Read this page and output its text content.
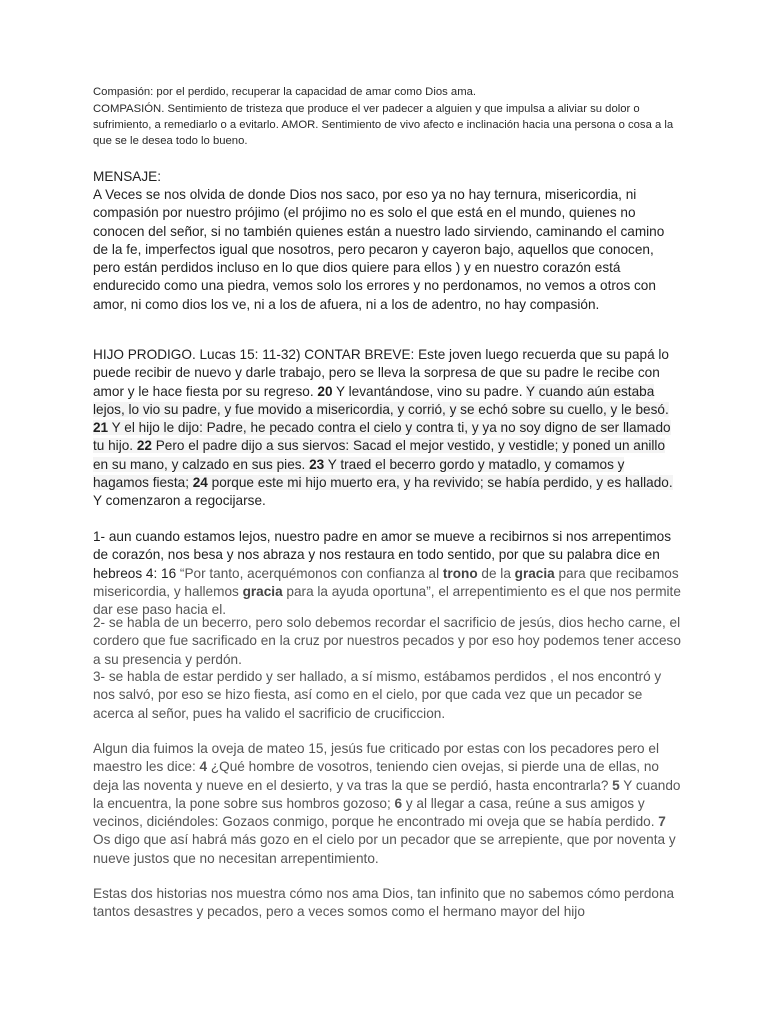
Compasión: por el perdido, recuperar la capacidad de amar como Dios ama.

COMPASIÓN. Sentimiento de tristeza que produce el ver padecer a alguien y que impulsa a aliviar su dolor o sufrimiento, a remediarlo o a evitarlo. AMOR. Sentimiento de vivo afecto e inclinación hacia una persona o cosa a la que se le desea todo lo bueno.

MENSAJE:

A Veces se nos olvida de donde Dios nos saco, por eso ya no hay ternura, misericordia, ni compasión por nuestro prójimo (el prójimo no es solo el que está en el mundo, quienes no conocen del señor, si no también quienes están a nuestro lado sirviendo, caminando el camino de la fe, imperfectos igual que nosotros, pero pecaron y cayeron bajo, aquellos que conocen, pero están perdidos incluso en lo que dios quiere para ellos ) y en nuestro corazón está endurecido como una piedra, vemos solo los errores y no perdonamos, no vemos a otros con amor, ni como dios los ve, ni a los de afuera, ni a los de adentro, no hay compasión.

HIJO PRODIGO. Lucas 15: 11-32) CONTAR BREVE: Este joven luego recuerda que su papá lo puede recibir de nuevo y darle trabajo, pero se lleva la sorpresa de que su padre le recibe con amor y le hace fiesta por su regreso. 20 Y levantándose, vino su padre. Y cuando aún estaba lejos, lo vio su padre, y fue movido a misericordia, y corrió, y se echó sobre su cuello, y le besó. 21 Y el hijo le dijo: Padre, he pecado contra el cielo y contra ti, y ya no soy digno de ser llamado tu hijo. 22 Pero el padre dijo a sus siervos: Sacad el mejor vestido, y vestidle; y poned un anillo en su mano, y calzado en sus pies. 23 Y traed el becerro gordo y matadlo, y comamos y hagamos fiesta; 24 porque este mi hijo muerto era, y ha revivido; se había perdido, y es hallado. Y comenzaron a regocijarse.

1- aun cuando estamos lejos, nuestro padre en amor se mueve a recibirnos si nos arrepentimos de corazón, nos besa y nos abraza y nos restaura en todo sentido, por que su palabra dice en hebreos 4: 16 “Por tanto, acerquémonos con confianza al trono de la gracia para que recibamos misericordia, y hallemos gracia para la ayuda oportuna”, el arrepentimiento es el que nos permite dar ese paso hacia el.

2- se habla de un becerro, pero solo debemos recordar el sacrificio de jesús, dios hecho carne, el cordero que fue sacrificado en la cruz por nuestros pecados y por eso hoy podemos tener acceso a su presencia y perdón.

3- se habla de estar perdido y ser hallado, a sí mismo, estábamos perdidos , el nos encontró y nos salvó, por eso se hizo fiesta, así como en el cielo, por que cada vez que un pecador se acerca al señor, pues ha valido el sacrificio de crucificcion.

Algun dia fuimos la oveja de mateo 15, jesús fue criticado por estas con los pecadores pero el maestro les dice: 4 ¿Qué hombre de vosotros, teniendo cien ovejas, si pierde una de ellas, no deja las noventa y nueve en el desierto, y va tras la que se perdió, hasta encontrarla? 5 Y cuando la encuentra, la pone sobre sus hombros gozoso; 6 y al llegar a casa, reúne a sus amigos y vecinos, diciéndoles: Gozaos conmigo, porque he encontrado mi oveja que se había perdido. 7 Os digo que así habrá más gozo en el cielo por un pecador que se arrepiente, que por noventa y nueve justos que no necesitan arrepentimiento.

Estas dos historias nos muestra cómo nos ama Dios, tan infinito que no sabemos cómo perdona tantos desastres y pecados, pero a veces somos como el hermano mayor del hijo
